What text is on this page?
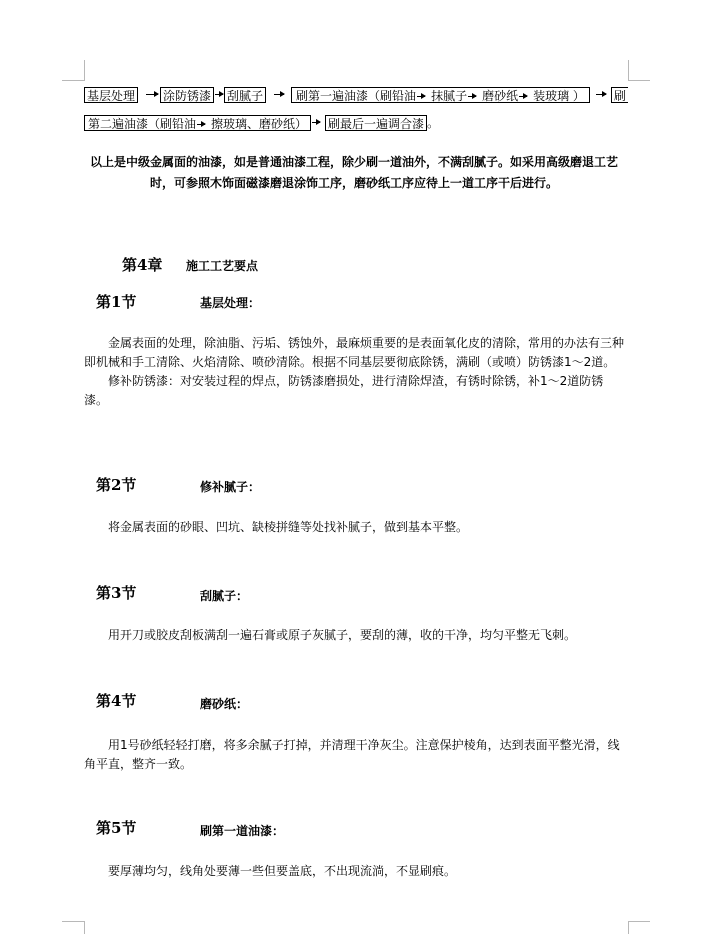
基层处理 涂防锈漆 刮腻子	刷第一遍油漆（刷铅油 抹腻子 磨砂纸 装玻璃 ）	刷
第二遍油漆（刷铅油 擦玻璃、磨砂纸）	刷最后一遍调合漆 。
以上是中级金属面的油漆，如是普通油漆工程，除少刷一道油外，不满刮腻子。如采用高级磨退工艺时，可参照木饰面磁漆磨退涂饰工序，磨砂纸工序应待上一道工序干后进行。
第4章 施工工艺要点
第1节	基层处理：

金属表面的处理，除油脂、污垢、锈蚀外，最麻烦重要的是表面氧化皮的清除，常用的办法有三种即机械和手工清除、火焰清除、喷砂清除。根据不同基层要彻底除锈，满刷（或喷）防锈漆1～2道。

修补防锈漆：对安装过程的焊点，防锈漆磨损处，进行清除焊渣，有锈时除锈，补1～2道防锈漆。

第2节	修补腻子：

将金属表面的砂眼、凹坑、缺棱拼缝等处找补腻子，做到基本平整。

第3节	刮腻子：

用开刀或胶皮刮板满刮一遍石膏或原子灰腻子，要刮的薄，收的干净，均匀平整无飞刺。

第4节	磨砂纸：

用1号砂纸轻轻打磨，将多余腻子打掉，并清理干净灰尘。注意保护棱角，达到表面平整光滑，线角平直，整齐一致。

第5节	刷第一道油漆：

要厚薄均匀，线角处要薄一些但要盖底，不出现流淌，不显刷痕。
